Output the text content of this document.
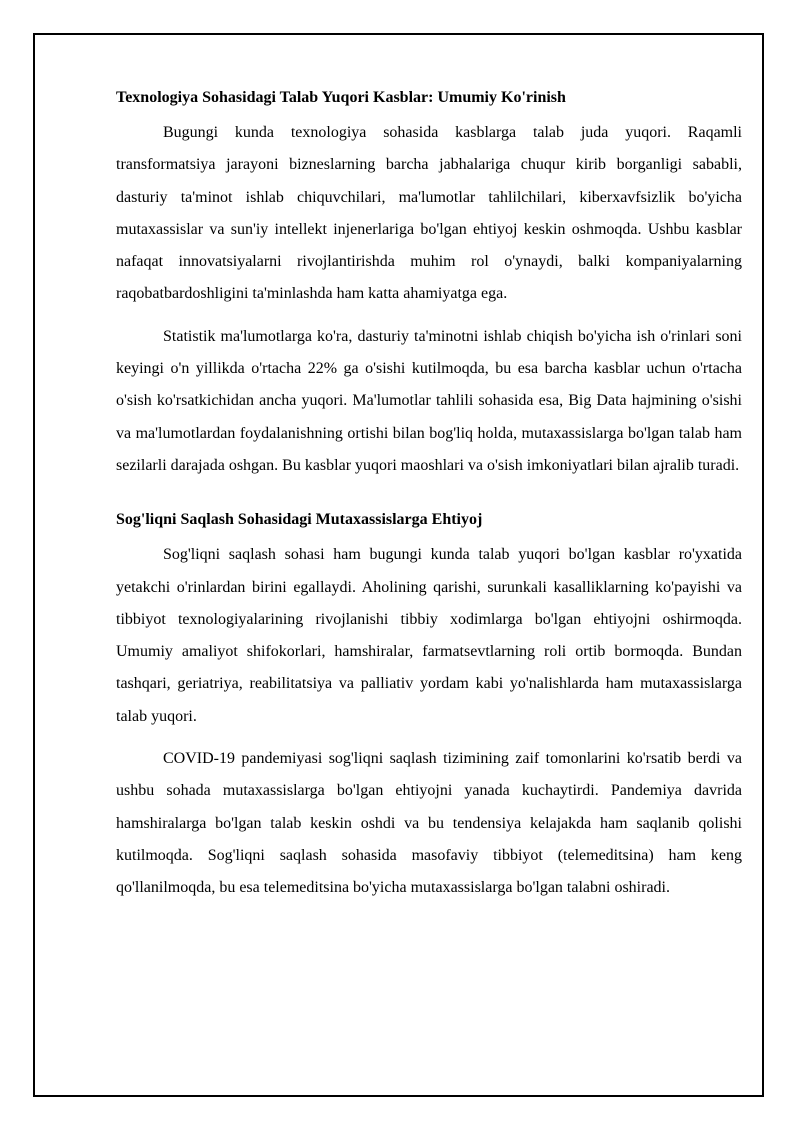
Texnologiya Sohasidagi Talab Yuqori Kasblar: Umumiy Ko'rinish

Bugungi kunda texnologiya sohasida kasblarga talab juda yuqori. Raqamli transformatsiya jarayoni bizneslarning barcha jabhalariga chuqur kirib borganligi sababli, dasturiy ta'minot ishlab chiquvchilari, ma'lumotlar tahlilchilari, kiberxavfsizlik bo'yicha mutaxassislar va sun'iy intellekt injenerlariga bo'lgan ehtiyoj keskin oshmoqda. Ushbu kasblar nafaqat innovatsiyalarni rivojlantirishda muhim rol o'ynaydi, balki kompaniyalarning raqobatbardoshligini ta'minlashda ham katta ahamiyatga ega.

Statistik ma'lumotlarga ko'ra, dasturiy ta'minotni ishlab chiqish bo'yicha ish o'rinlari soni keyingi o'n yillikda o'rtacha 22% ga o'sishi kutilmoqda, bu esa barcha kasblar uchun o'rtacha o'sish ko'rsatkichidan ancha yuqori. Ma'lumotlar tahlili sohasida esa, Big Data hajmining o'sishi va ma'lumotlardan foydalanishning ortishi bilan bog'liq holda, mutaxassislarga bo'lgan talab ham sezilarli darajada oshgan. Bu kasblar yuqori maoshlari va o'sish imkoniyatlari bilan ajralib turadi.

Sog'liqni Saqlash Sohasidagi Mutaxassislarga Ehtiyoj

Sog'liqni saqlash sohasi ham bugungi kunda talab yuqori bo'lgan kasblar ro'yxatida yetakchi o'rinlardan birini egallaydi. Aholining qarishi, surunkali kasalliklarning ko'payishi va tibbiyot texnologiyalarining rivojlanishi tibbiy xodimlarga bo'lgan ehtiyojni oshirmoqda. Umumiy amaliyot shifokorlari, hamshiralar, farmatsevtlarning roli ortib bormoqda. Bundan tashqari, geriatriya, reabilitatsiya va palliativ yordam kabi yo'nalishlarda ham mutaxassislarga talab yuqori.

COVID-19 pandemiyasi sog'liqni saqlash tizimining zaif tomonlarini ko'rsatib berdi va ushbu sohada mutaxassislarga bo'lgan ehtiyojni yanada kuchaytirdi. Pandemiya davrida hamshiralarga bo'lgan talab keskin oshdi va bu tendensiya kelajakda ham saqlanib qolishi kutilmoqda. Sog'liqni saqlash sohasida masofaviy tibbiyot (telemeditsina) ham keng qo'llanilmoqda, bu esa telemeditsina bo'yicha mutaxassislarga bo'lgan talabni oshiradi.
